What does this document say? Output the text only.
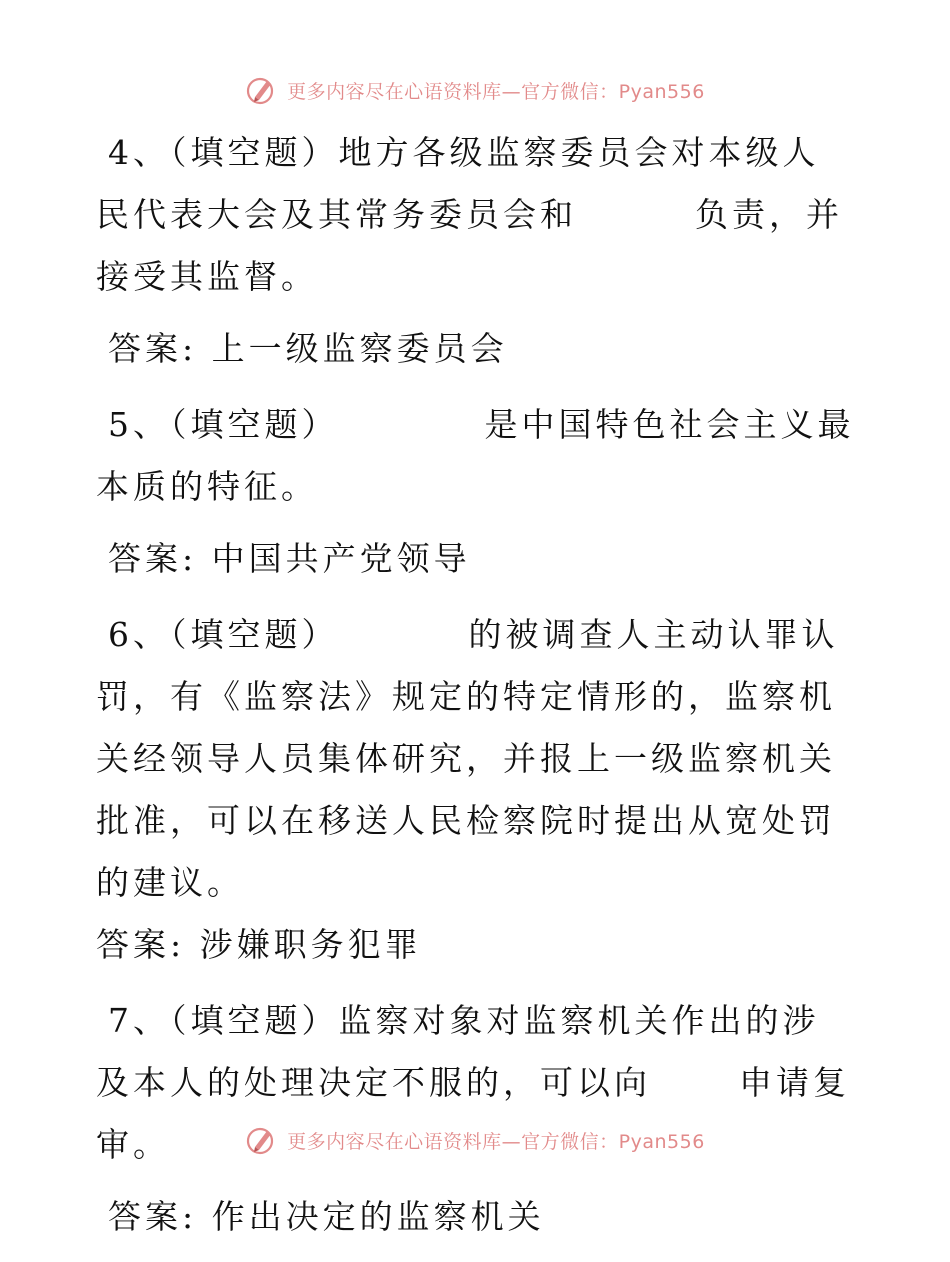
更多内容尽在心语资料库—官方微信：Pyan556

4、（填空题）地方各级监察委员会对本级人民代表大会及其常务委员会和	负责，并接受其监督。

答案: 上一级监察委员会

5、（填空题）	是中国特色社会主义最本质的特征。

答案: 中国共产党领导

6、（填空题）	的被调查人主动认罪认罚，有《监察法》规定的特定情形的，监察机关经领导人员集体研究，并报上一级监察机关批准，可以在移送人民检察院时提出从宽处罚的建议。

答案: 涉嫌职务犯罪

7、（填空题）监察对象对监察机关作出的涉及本人的处理决定不服的，可以向	申请复审。

答案: 作出决定的监察机关

更多内容尽在心语资料库—官方微信：Pyan556
